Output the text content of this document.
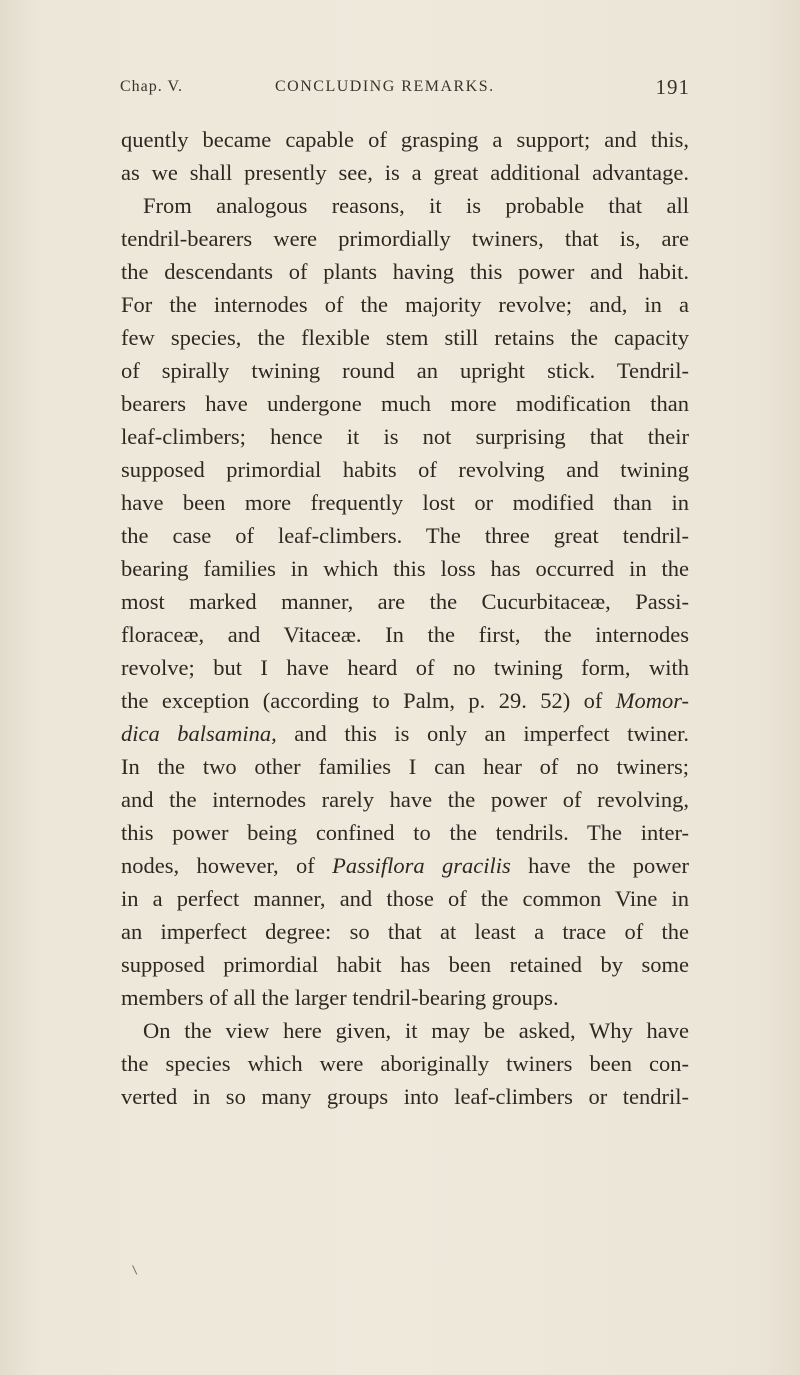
Chap. V.	CONCLUDING REMARKS.	191
quently became capable of grasping a support; and this,
as we shall presently see, is a great additional advantage.
From analogous reasons, it is probable that all
tendril-bearers were primordially twiners, that is, are
the descendants of plants having this power and habit.
For the internodes of the majority revolve; and, in a
few species, the flexible stem still retains the capacity
of spirally twining round an upright stick. Tendril-
bearers have undergone much more modification than
leaf-climbers; hence it is not surprising that their
supposed primordial habits of revolving and twining
have been more frequently lost or modified than in
the case of leaf-climbers. The three great tendril-
bearing families in which this loss has occurred in the
most marked manner, are the Cucurbitaceæ, Passi-
floraceæ, and Vitaceæ. In the first, the internodes
revolve; but I have heard of no twining form, with
the exception (according to Palm, p. 29. 52) of Momor-
dica balsamina, and this is only an imperfect twiner.
In the two other families I can hear of no twiners;
and the internodes rarely have the power of revolving,
this power being confined to the tendrils. The inter-
nodes, however, of Passiflora gracilis have the power
in a perfect manner, and those of the common Vine in
an imperfect degree: so that at least a trace of the
supposed primordial habit has been retained by some
members of all the larger tendril-bearing groups.
On the view here given, it may be asked, Why have
the species which were aboriginally twiners been con-
verted in so many groups into leaf-climbers or tendril-
